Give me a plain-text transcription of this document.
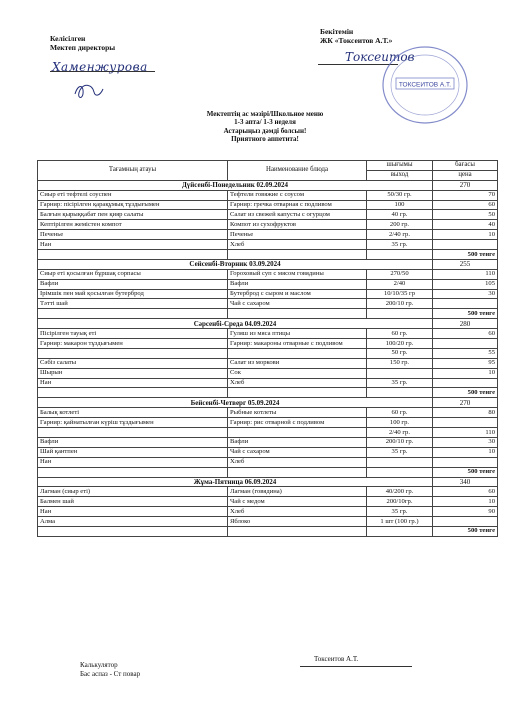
Келісілген
Мектеп директоры
Хаменжурова
Бекітемін
ЖК «Токсеитов А.Т.»
Токсеитов
ТОКСЕИТОВ А.Т.
Мектептің ас мәзірі/Школьное меню
1-3 апта/ 1-3 неделя
Астарыңыз дәмді болсын!
Приятного аппетита!
Тағамның атауы	Наименование блюда	шығымы	бағасы
		выход	цена
Дүйсенбі-Понедельник 02.09.2024			270
Сиыр еті тефтелі соуспен	Тефтели говяжие с соусом	50/30 гр.	70
Гарнир: пісірілген қарақұмық тұздығымен	Гарнир: гречка отварная с подливом	100	60
Балғын қырыққабат пен қияр салаты	Салат из свежей капусты с огурцом	40 гр.	50
Кептірілген жемістен компот	Компот из сухофруктов	200 гр.	40
Печенье	Печенье	2/40 гр.	10
Нан	Хлеб	35 гр.	
			500 тенге
Сейсенбі-Вторник 03.09.2024			255
Сиыр еті қосылған бұршақ сорпасы	Гороховый суп с мясом говядины	270/50	110
Вафли	Вафли	2/40	105
Ірімшік пен май қосылған бутерброд	Бутерброд с сыром и маслом	10/10/35 гр	30
Тәтті шай	Чай с сахаром	200/10 гр.	
			500 тенге
Сәрсенбі-Среда 04.09.2024			280
Пісірілген тауық еті	Гуляш из мяса птицы	60 гр.	60
Гарнир: макарон тұздығымен	Гарнир: макароны отварные с подливом	100/20 гр.	
		50 гр.	55
Сәбіз салаты	Салат из моркови	150 гр.	95
Шырын	Сок		10
Нан	Хлеб	35 гр.	
			500 тенге
Бейсенбі-Четверг 05.09.2024			270
Балық котлеті	Рыбные котлеты	60 гр.	80
Гарнир: қайнатылған күріш тұздығымен	Гарнир: рис отварной с подливом	100 гр.	
		2/40 гр.	110
Вафли	Вафли	200/10 гр.	30
Шай қантпен	Чай с сахаром	35 гр.	10
Нан	Хлеб		
			500 тенге
Жұма-Пятница 06.09.2024			340
Лагман (сиыр еті)	Лагман (говядина)	40/200 гр.	60
Балмен шай	Чай с медом	200/10гр.	10
Нан	Хлеб	35 гр.	90
Алма	Яблоко	1 шт (100 гр.)	
			500 тенге
Калькулятор
Бас аспаз - Ст повар
Токсеитов А.Т.
